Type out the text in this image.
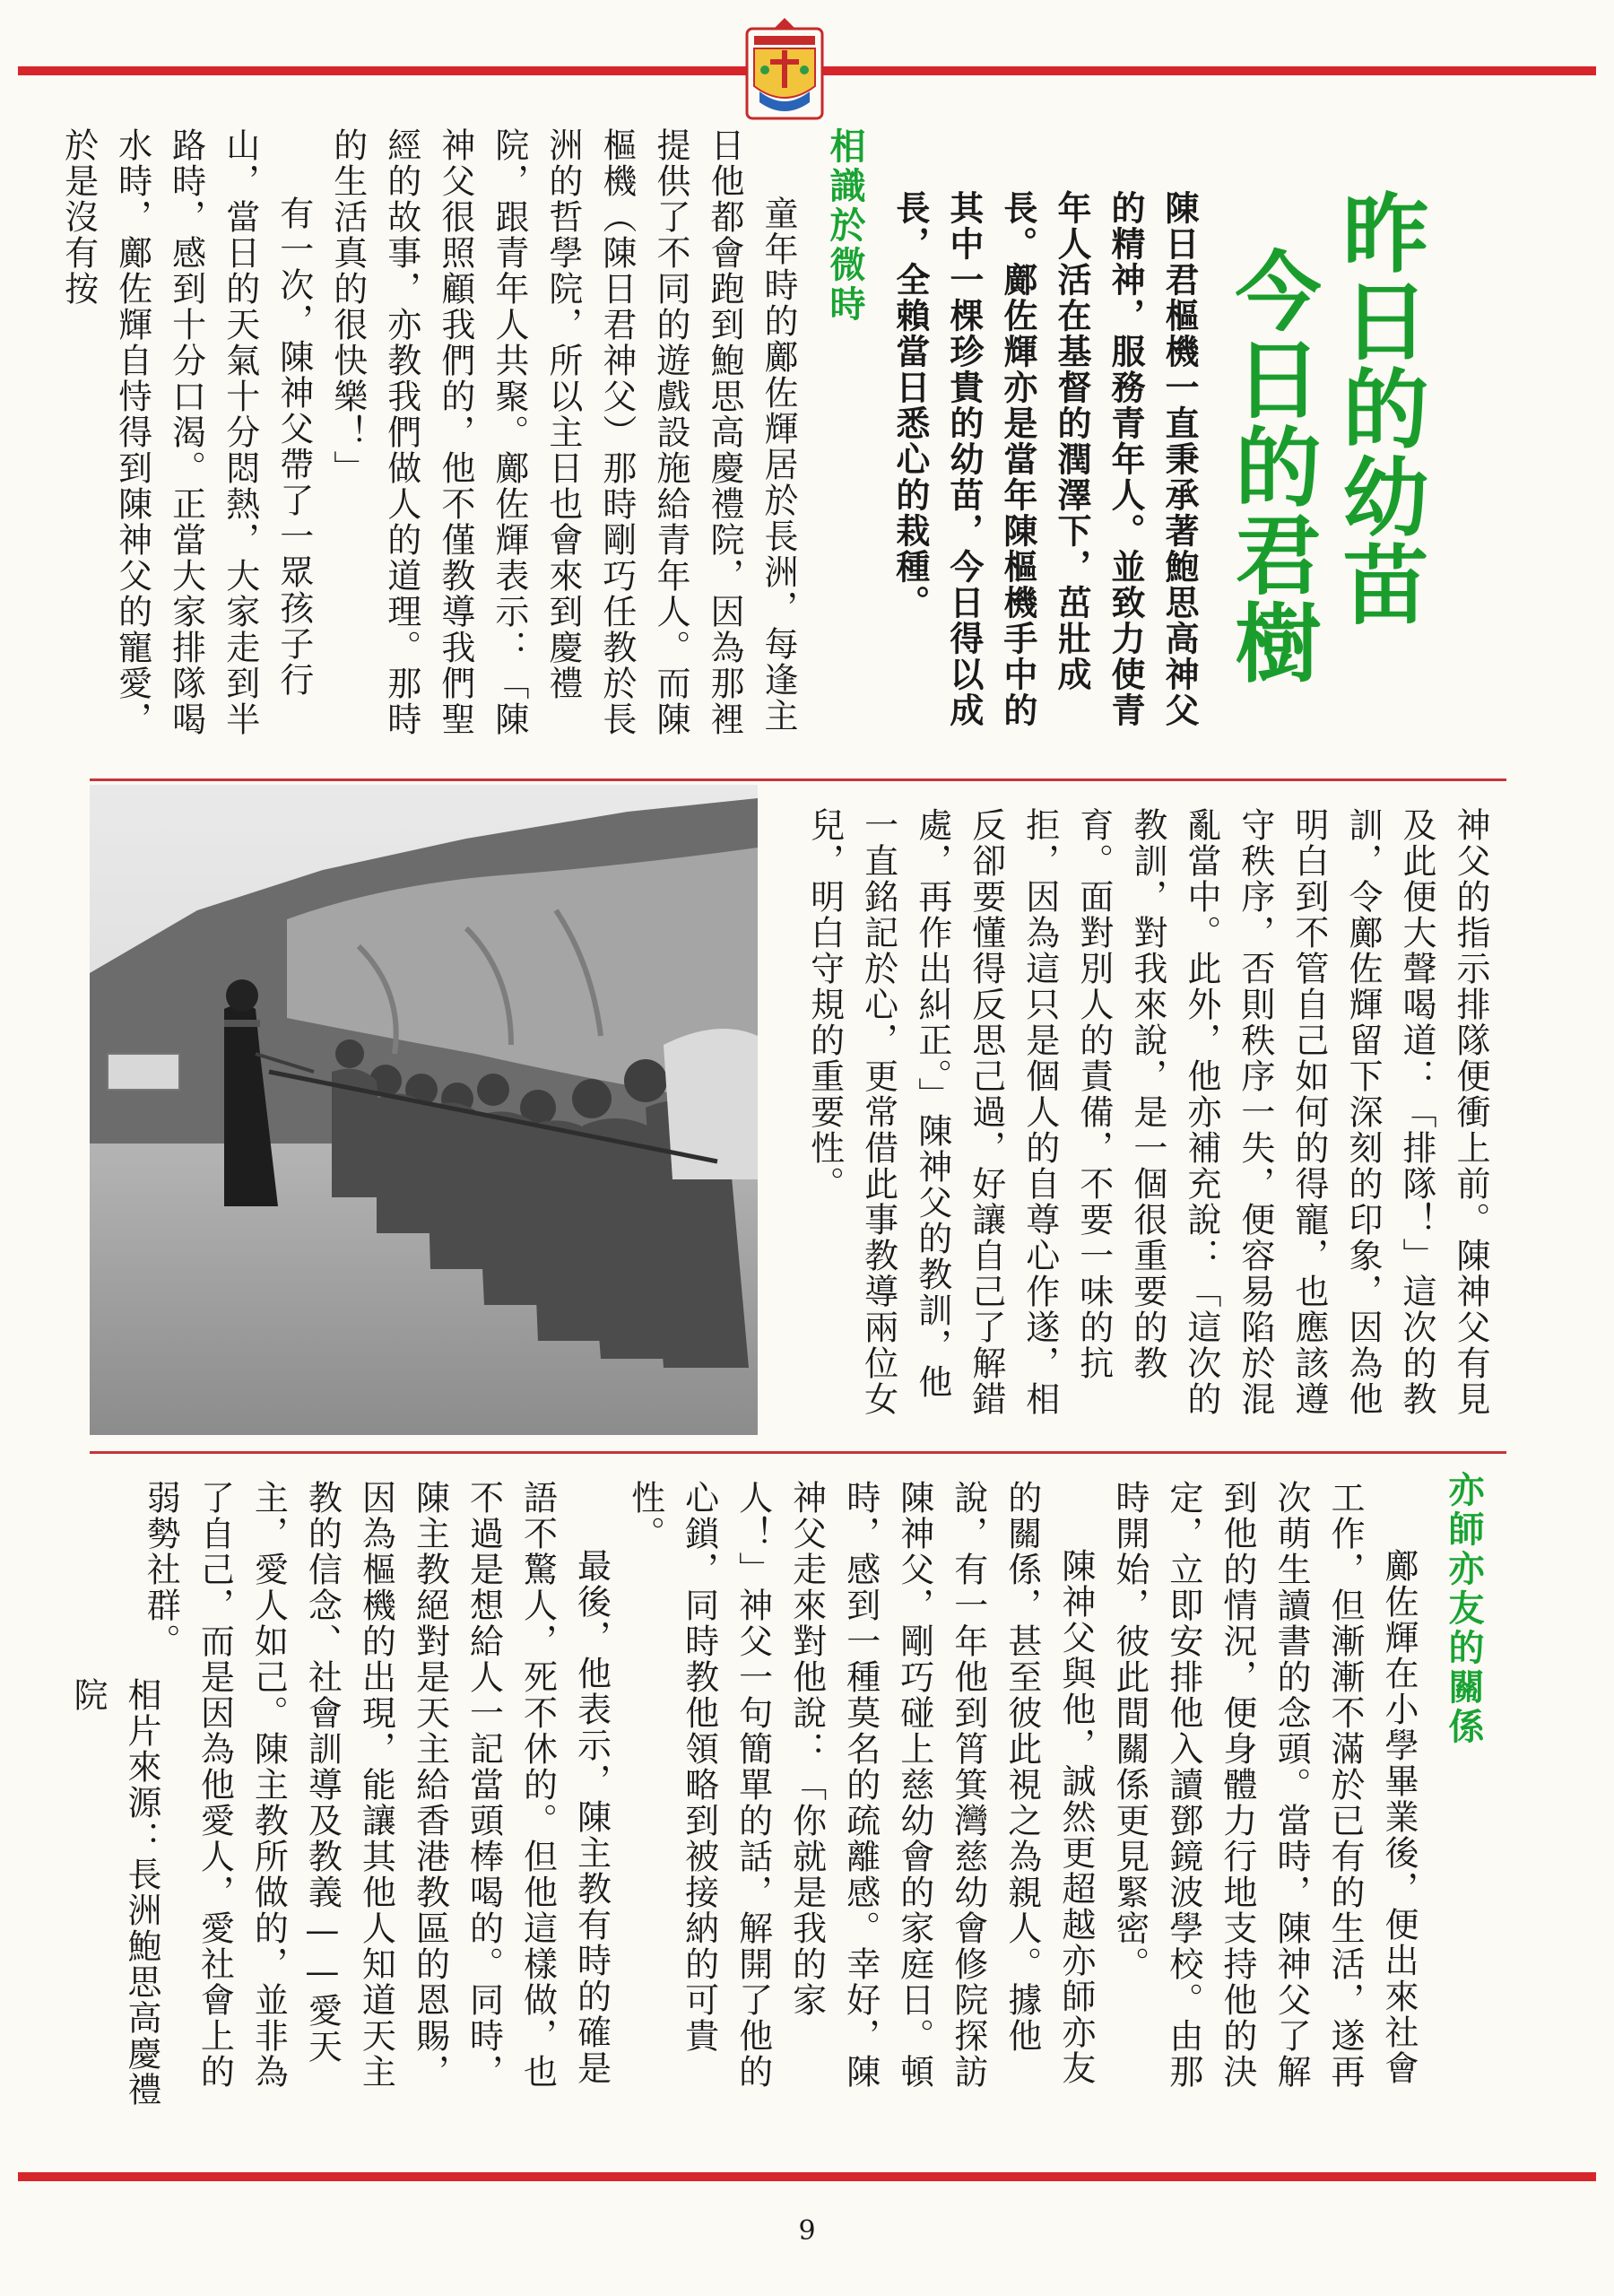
昨日的幼苗
今日的君樹
陳日君樞機一直秉承著鮑思高神父的精神，服務青年人。並致力使青年人活在基督的潤澤下，茁壯成長。鄺佐輝亦是當年陳樞機手中的其中一棵珍貴的幼苗，今日得以成長，全賴當日悉心的栽種。
相識於微時
童年時的鄺佐輝居於長洲，每逢主日他都會跑到鮑思高慶禮院，因為那裡提供了不同的遊戲設施給青年人。而陳樞機（陳日君神父）那時剛巧任教於長洲的哲學院，所以主日也會來到慶禮院，跟青年人共聚。鄺佐輝表示：「陳神父很照顧我們的，他不僅教導我們聖經的故事，亦教我們做人的道理。那時的生活真的很快樂！」
有一次，陳神父帶了一眾孩子行山，當日的天氣十分悶熱，大家走到半路時，感到十分口渴。正當大家排隊喝水時，鄺佐輝自恃得到陳神父的寵愛，於是沒有按
神父的指示排隊便衝上前。陳神父有見及此便大聲喝道：「排隊！」這次的教訓，令鄺佐輝留下深刻的印象，因為他明白到不管自己如何的得寵，也應該遵守秩序，否則秩序一失，便容易陷於混亂當中。此外，他亦補充說：「這次的教訓，對我來說，是一個很重要的教育。面對別人的責備，不要一味的抗拒，因為這只是個人的自尊心作遂，相反卻要懂得反思己過，好讓自己了解錯處，再作出糾正。」陳神父的教訓，他一直銘記於心，更常借此事教導兩位女兒，明白守規的重要性。
亦師亦友的關係
鄺佐輝在小學畢業後，便出來社會工作，但漸漸不滿於已有的生活，遂再次萌生讀書的念頭。當時，陳神父了解到他的情況，便身體力行地支持他的決定，立即安排他入讀鄧鏡波學校。由那時開始，彼此間關係更見緊密。
陳神父與他，誠然更超越亦師亦友的關係，甚至彼此視之為親人。據他說，有一年他到筲箕灣慈幼會修院探訪陳神父，剛巧碰上慈幼會的家庭日。頓時，感到一種莫名的疏離感。幸好，陳神父走來對他說：「你就是我的家人！」神父一句簡單的話，解開了他的心鎖，同時教他領略到被接納的可貴性。
最後，他表示，陳主教有時的確是語不驚人，死不休的。但他這樣做，也不過是想給人一記當頭棒喝的。同時，陳主教絕對是天主給香港教區的恩賜，因為樞機的出現，能讓其他人知道天主教的信念、社會訓導及教義——愛天主，愛人如己。陳主教所做的，並非為了自己，而是因為他愛人，愛社會上的弱勢社群。
相片來源：長洲鮑思高慶禮院
9
